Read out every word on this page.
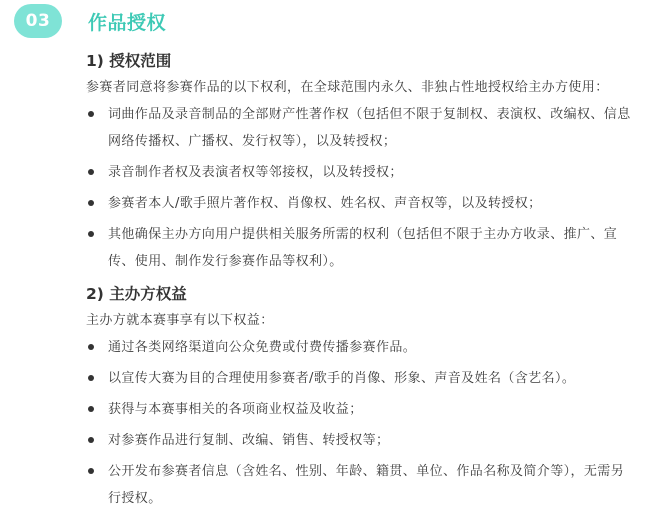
03	作品授权
1) 授权范围

参赛者同意将参赛作品的以下权利，在全球范围内永久、非独占性地授权给主办方使用：

词曲作品及录音制品的全部财产性著作权（包括但不限于复制权、表演权、改编权、信息网络传播权、广播权、发行权等），以及转授权；
录音制作者权及表演者权等邻接权，以及转授权；
参赛者本人/歌手照片著作权、肖像权、姓名权、声音权等，以及转授权；
其他确保主办方向用户提供相关服务所需的权利（包括但不限于主办方收录、推广、宣传、使用、制作发行参赛作品等权利）。
2) 主办方权益

主办方就本赛事享有以下权益：

通过各类网络渠道向公众免费或付费传播参赛作品。
以宣传大赛为目的合理使用参赛者/歌手的肖像、形象、声音及姓名（含艺名）。
获得与本赛事相关的各项商业权益及收益；
对参赛作品进行复制、改编、销售、转授权等；
公开发布参赛者信息（含姓名、性别、年龄、籍贯、单位、作品名称及简介等），无需另行授权。
